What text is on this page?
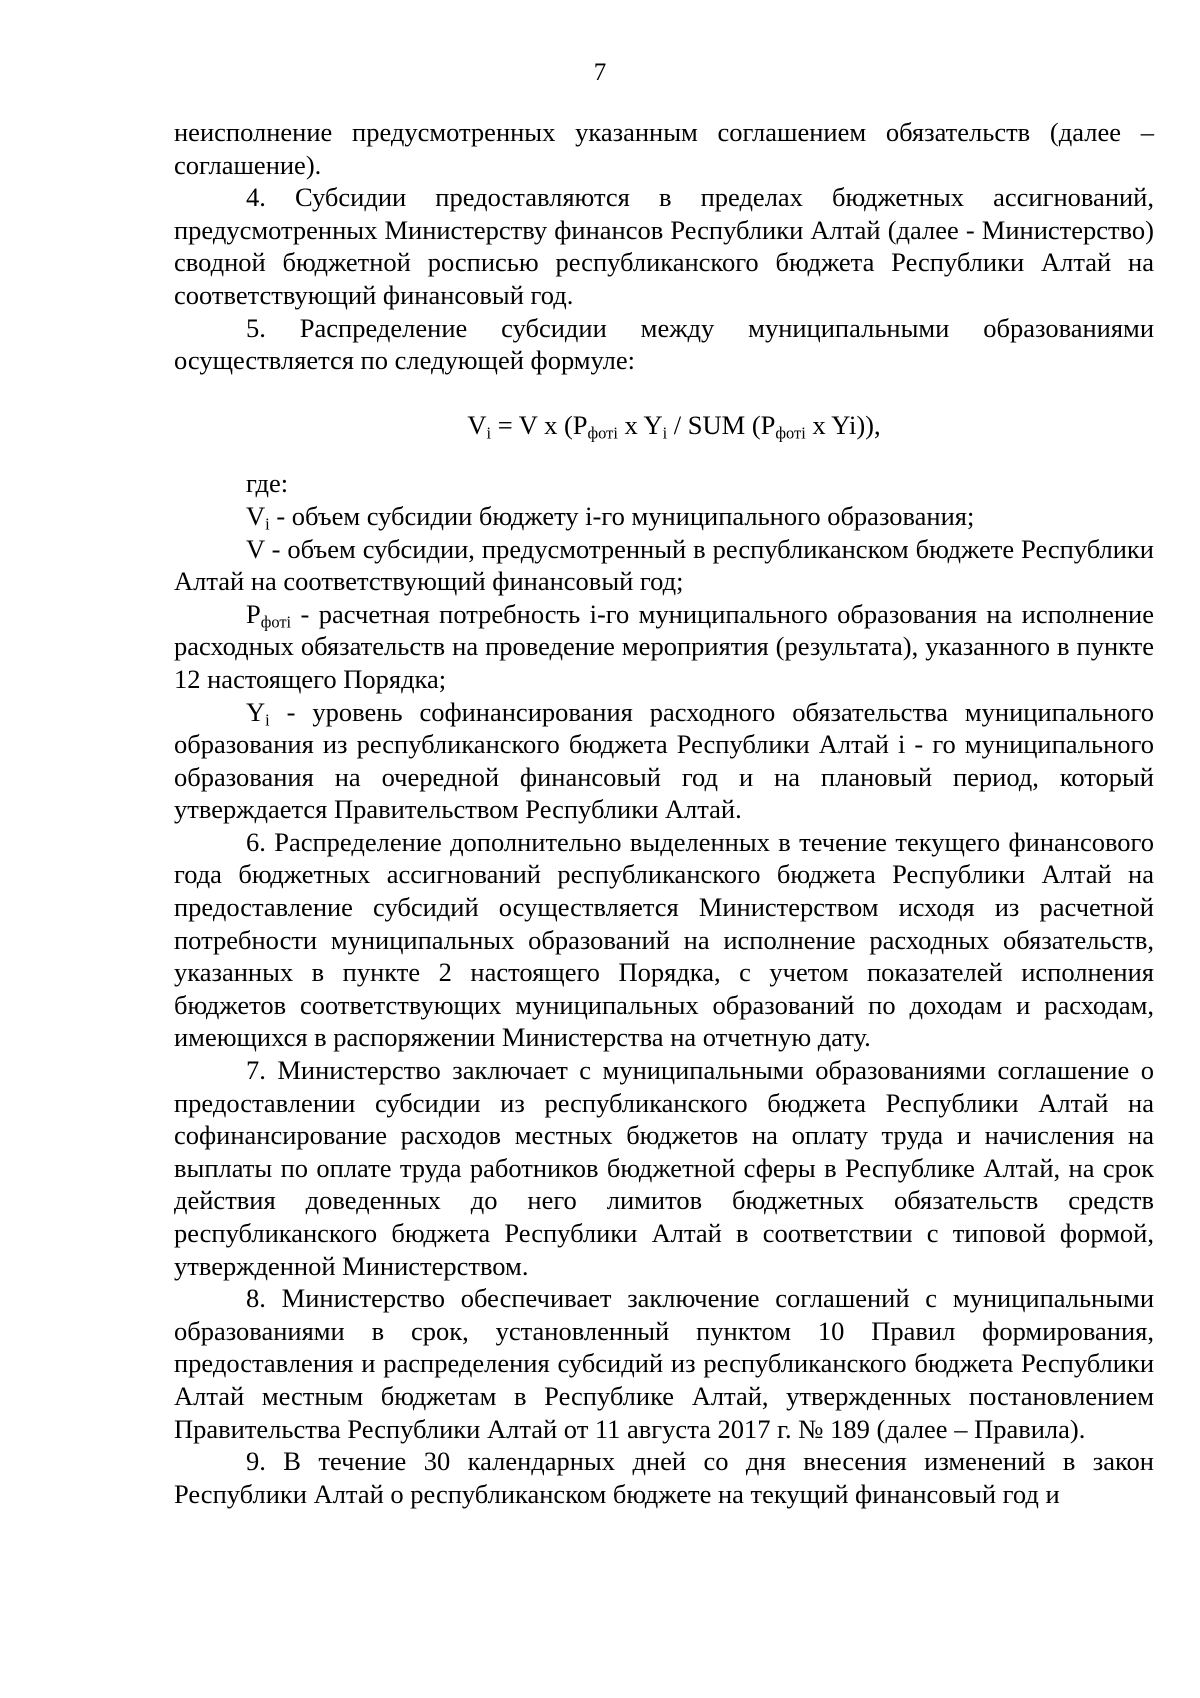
7

неисполнение предусмотренных указанным соглашением обязательств (далее – соглашение).

4. Субсидии предоставляются в пределах бюджетных ассигнований, предусмотренных Министерству финансов Республики Алтай (далее - Министерство) сводной бюджетной росписью республиканского бюджета Республики Алтай на соответствующий финансовый год.

5. Распределение субсидии между муниципальными образованиями осуществляется по следующей формуле:

$V_i = V$ x ($P_{фоті}$ x $Y_i$ / SUM ($P_{фоті}$ x Yi)),

где:

$V_i$ - объем субсидии бюджету i-го муниципального образования;

V - объем субсидии, предусмотренный в республиканском бюджете Республики Алтай на соответствующий финансовый год;

$P_{фоті}$ - расчетная потребность i-го муниципального образования на исполнение расходных обязательств на проведение мероприятия (результата), указанного в пункте 12 настоящего Порядка;

$Y_i$ - уровень софинансирования расходного обязательства муниципального образования из республиканского бюджета Республики Алтай i - го муниципального образования на очередной финансовый год и на плановый период, который утверждается Правительством Республики Алтай.

6. Распределение дополнительно выделенных в течение текущего финансового года бюджетных ассигнований республиканского бюджета Республики Алтай на предоставление субсидий осуществляется Министерством исходя из расчетной потребности муниципальных образований на исполнение расходных обязательств, указанных в пункте 2 настоящего Порядка, с учетом показателей исполнения бюджетов соответствующих муниципальных образований по доходам и расходам, имеющихся в распоряжении Министерства на отчетную дату.

7. Министерство заключает с муниципальными образованиями соглашение о предоставлении субсидии из республиканского бюджета Республики Алтай на софинансирование расходов местных бюджетов на оплату труда и начисления на выплаты по оплате труда работников бюджетной сферы в Республике Алтай, на срок действия доведенных до него лимитов бюджетных обязательств средств республиканского бюджета Республики Алтай в соответствии с типовой формой, утвержденной Министерством.

8. Министерство обеспечивает заключение соглашений с муниципальными образованиями в срок, установленный пунктом 10 Правил формирования, предоставления и распределения субсидий из республиканского бюджета Республики Алтай местным бюджетам в Республике Алтай, утвержденных постановлением Правительства Республики Алтай от 11 августа 2017 г. № 189 (далее – Правила).

9. В течение 30 календарных дней со дня внесения изменений в закон Республики Алтай о республиканском бюджете на текущий финансовый год и
